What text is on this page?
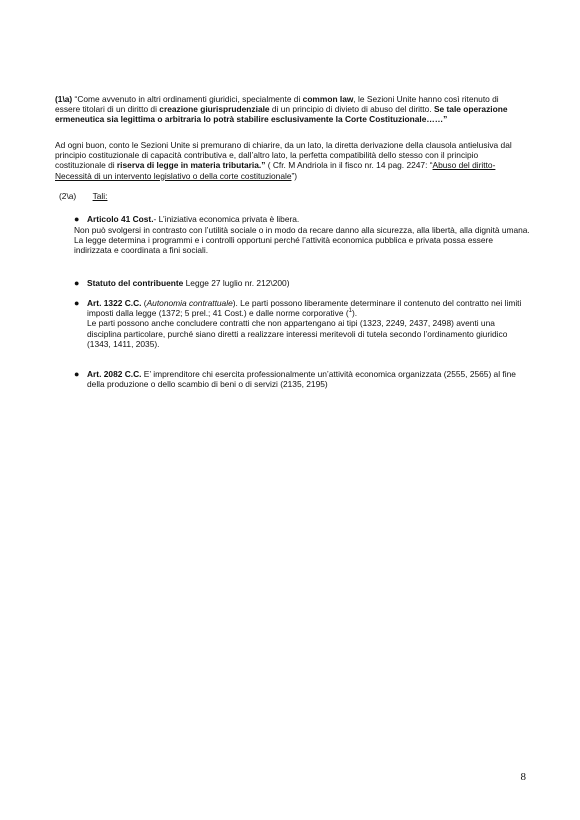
(1\a) “Come avvenuto in altri ordinamenti giuridici, specialmente di common law, le Sezioni Unite hanno così ritenuto di essere titolari di un diritto di creazione giurisprudenziale di un principio di divieto di abuso del diritto. Se tale operazione ermeneutica sia legittima o arbitraria lo potrà stabilire esclusivamente la Corte Costituzionale……”
Ad ogni buon, conto le Sezioni Unite si premurano di chiarire, da un lato, la diretta derivazione della clausola antielusiva dal principio costituzionale di capacità contributiva e, dall’altro lato, la perfetta compatibilità dello stesso con il principio costituzionale di riserva di legge in materia tributaria.” ( Cfr. M Andriola in il fisco nr. 14 pag. 2247: “Abuso del diritto-Necessità di un intervento legislativo o della corte costituzionale”)
(2\a) Tali:
● Articolo 41 Cost.- L’iniziativa economica privata è libera.
Non può svolgersi in contrasto con l’utilità sociale o in modo da recare danno alla sicurezza, alla libertà, alla dignità umana.
La legge determina i programmi e i controlli opportuni perché l’attività economica pubblica e privata possa essere indirizzata e coordinata a fini sociali.
● Statuto del contribuente Legge 27 luglio nr. 212\200)
● Art. 1322 C.C. (Autonomia contrattuale). Le parti possono liberamente determinare il contenuto del contratto nei limiti imposti dalla legge (1372; 5 prel.; 41 Cost.) e dalle norme corporative ($^1$).
Le parti possono anche concludere contratti che non appartengano ai tipi (1323, 2249, 2437, 2498) aventi una disciplina particolare, purché siano diretti a realizzare interessi meritevoli di tutela secondo l’ordinamento giuridico (1343, 1411, 2035).
● Art. 2082 C.C. E’ imprenditore chi esercita professionalmente un’attività economica organizzata (2555, 2565) al fine della produzione o dello scambio di beni o di servizi (2135, 2195)
8
